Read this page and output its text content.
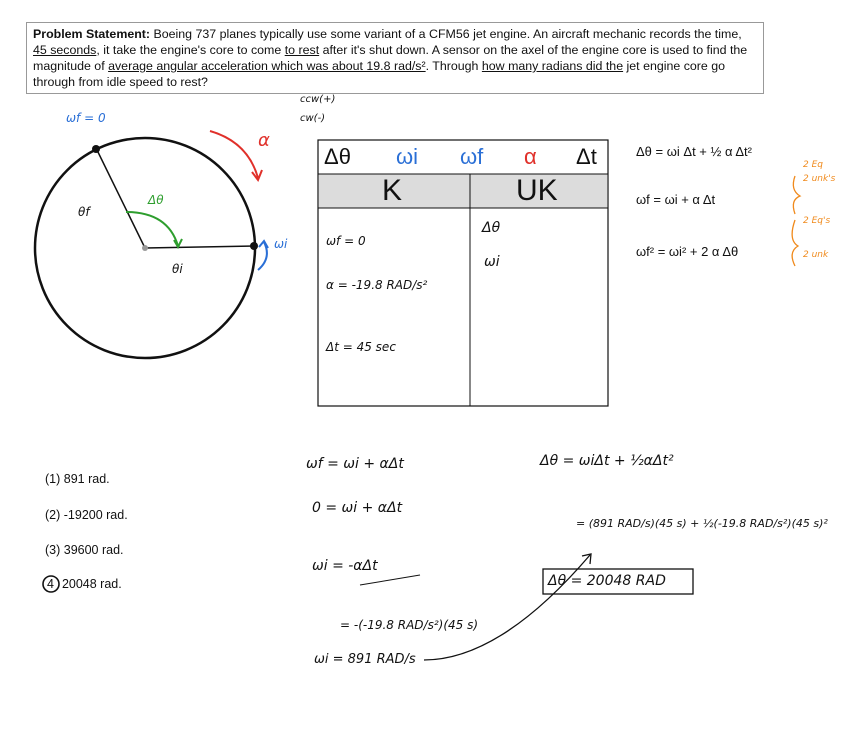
Problem Statement: Boeing 737 planes typically use some variant of a CFM56 jet engine. An aircraft mechanic records the time, 45 seconds, it take the engine's core to come to rest after it's shut down. A sensor on the axel of the engine core is used to find the magnitude of average angular acceleration which was about 19.8 rad/s². Through how many radians did the jet engine core go through from idle speed to rest?
ωf = 0
θf
θi
Δθ
α
ωi
ccw(+)
cw(-)
Δθ ωi ωf α Δt
K	UK
ωf = 0
α = -19.8 RAD/s²
Δt = 45 sec
Δθ
ωi
Δθ = ωi Δt + ½ α Δt²
ωf = ωi + α Δt
ωf² = ωi² + 2 α Δθ
2 Eq
2 unk's
2 Eq's
2 unk
ωf = ωi + αΔt
0 = ωi + αΔt
ωi = -αΔt
= -(-19.8 RAD/s²)(45 s)
ωi = 891 RAD/s
Δθ = ωiΔt + ½αΔt²
= (891 RAD/s)(45 s) + ½(-19.8 RAD/s²)(45 s)²
Δθ = 20048 RAD
(1) 891 rad.
(2) -19200 rad.
(3) 39600 rad.
4 20048 rad.
